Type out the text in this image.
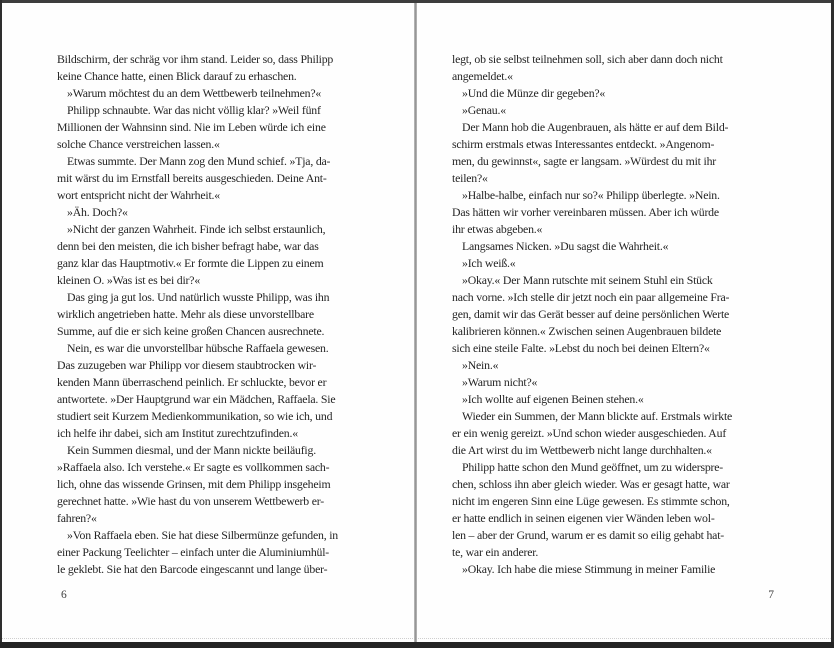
Bildschirm, der schräg vor ihm stand. Leider so, dass Philipp
keine Chance hatte, einen Blick darauf zu erhaschen.
»Warum möchtest du an dem Wettbewerb teilnehmen?«
Philipp schnaubte. War das nicht völlig klar? »Weil fünf
Millionen der Wahnsinn sind. Nie im Leben würde ich eine
solche Chance verstreichen lassen.«
Etwas summte. Der Mann zog den Mund schief. »Tja, da-
mit wärst du im Ernstfall bereits ausgeschieden. Deine Ant-
wort entspricht nicht der Wahrheit.«
»Äh. Doch?«
»Nicht der ganzen Wahrheit. Finde ich selbst erstaunlich,
denn bei den meisten, die ich bisher befragt habe, war das
ganz klar das Hauptmotiv.« Er formte die Lippen zu einem
kleinen O. »Was ist es bei dir?«
Das ging ja gut los. Und natürlich wusste Philipp, was ihn
wirklich angetrieben hatte. Mehr als diese unvorstellbare
Summe, auf die er sich keine großen Chancen ausrechnete.
Nein, es war die unvorstellbar hübsche Raffaela gewesen.
Das zuzugeben war Philipp vor diesem staubtrocken wir-
kenden Mann überraschend peinlich. Er schluckte, bevor er
antwortete. »Der Hauptgrund war ein Mädchen, Raffaela. Sie
studiert seit Kurzem Medienkommunikation, so wie ich, und
ich helfe ihr dabei, sich am Institut zurechtzufinden.«
Kein Summen diesmal, und der Mann nickte beiläufig.
»Raffaela also. Ich verstehe.« Er sagte es vollkommen sach-
lich, ohne das wissende Grinsen, mit dem Philipp insgeheim
gerechnet hatte. »Wie hast du von unserem Wettbewerb er-
fahren?«
»Von Raffaela eben. Sie hat diese Silbermünze gefunden, in
einer Packung Teelichter – einfach unter die Aluminiumhül-
le geklebt. Sie hat den Barcode eingescannt und lange über-
legt, ob sie selbst teilnehmen soll, sich aber dann doch nicht
angemeldet.«
»Und die Münze dir gegeben?«
»Genau.«
Der Mann hob die Augenbrauen, als hätte er auf dem Bild-
schirm erstmals etwas Interessantes entdeckt. »Angenom-
men, du gewinnst«, sagte er langsam. »Würdest du mit ihr
teilen?«
»Halbe-halbe, einfach nur so?« Philipp überlegte. »Nein.
Das hätten wir vorher vereinbaren müssen. Aber ich würde
ihr etwas abgeben.«
Langsames Nicken. »Du sagst die Wahrheit.«
»Ich weiß.«
»Okay.« Der Mann rutschte mit seinem Stuhl ein Stück
nach vorne. »Ich stelle dir jetzt noch ein paar allgemeine Fra-
gen, damit wir das Gerät besser auf deine persönlichen Werte
kalibrieren können.« Zwischen seinen Augenbrauen bildete
sich eine steile Falte. »Lebst du noch bei deinen Eltern?«
»Nein.«
»Warum nicht?«
»Ich wollte auf eigenen Beinen stehen.«
Wieder ein Summen, der Mann blickte auf. Erstmals wirkte
er ein wenig gereizt. »Und schon wieder ausgeschieden. Auf
die Art wirst du im Wettbewerb nicht lange durchhalten.«
Philipp hatte schon den Mund geöffnet, um zu widerspre-
chen, schloss ihn aber gleich wieder. Was er gesagt hatte, war
nicht im engeren Sinn eine Lüge gewesen. Es stimmte schon,
er hatte endlich in seinen eigenen vier Wänden leben wol-
len – aber der Grund, warum er es damit so eilig gehabt hat-
te, war ein anderer.
»Okay. Ich habe die miese Stimmung in meiner Familie
6	7
